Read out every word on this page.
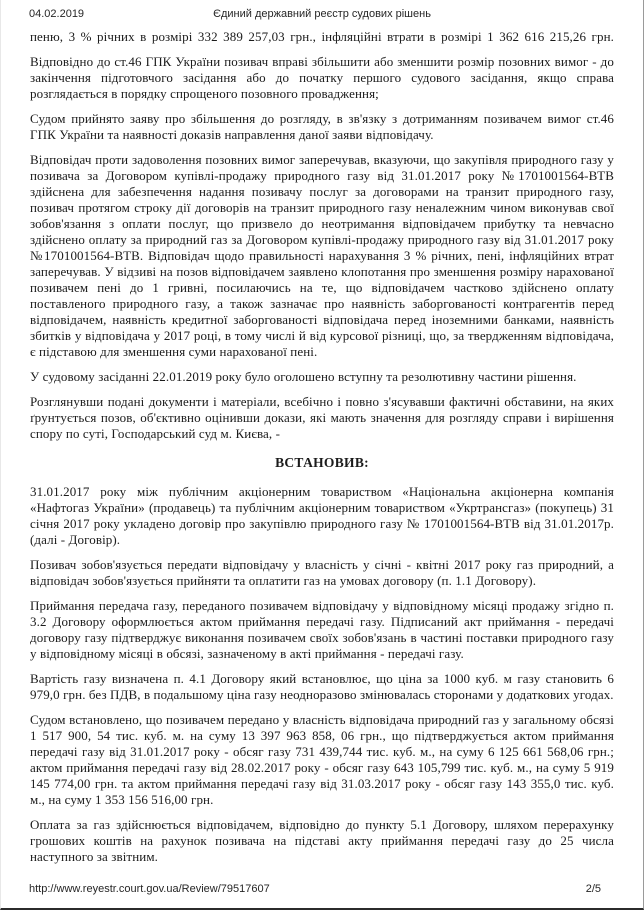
04.02.2019	Єдиний державний реєстр судових рішень

пеню, 3 % річних в розмірі 332 389 257,03 грн., інфляційні втрати в розмірі 1 362 616 215,26 грн.

Відповідно до ст.46 ГПК України позивач вправі збільшити або зменшити розмір позовних вимог - до закінчення підготовчого засідання або до початку першого судового засідання, якщо справа розглядається в порядку спрощеного позовного провадження;

Судом прийнято заяву про збільшення до розгляду, в зв'язку з дотриманням позивачем вимог ст.46 ГПК України та наявності доказів направлення даної заяви відповідачу.

Відповідач проти задоволення позовних вимог заперечував, вказуючи, що закупівля природного газу у позивача за Договором купівлі-продажу природного газу від 31.01.2017 року №1701001564-ВТВ здійснена для забезпечення надання позивачу послуг за договорами на транзит природного газу, позивач протягом строку дії договорів на транзит природного газу неналежним чином виконував свої зобов'язання з оплати послуг, що призвело до неотримання відповідачем прибутку та невчасно здійснено оплату за природний газ за Договором купівлі-продажу природного газу від 31.01.2017 року №1701001564-ВТВ. Відповідач щодо правильності нарахування 3 % річних, пені, інфляційних втрат заперечував. У відзиві на позов відповідачем заявлено клопотання про зменшення розміру нарахованої позивачем пені до 1 гривні, посилаючись на те, що відповідачем частково здійснено оплату поставленого природного газу, а також зазначає про наявність заборгованості контрагентів перед відповідачем, наявність кредитної заборгованості відповідача перед іноземними банками, наявність збитків у відповідача у 2017 році, в тому числі й від курсової різниці, що, за твердженням відповідача, є підставою для зменшення суми нарахованої пені.

У судовому засіданні 22.01.2019 року було оголошено вступну та резолютивну частини рішення.

Розглянувши подані документи і матеріали, всебічно і повно з'ясувавши фактичні обставини, на яких ґрунтується позов, об'єктивно оцінивши докази, які мають значення для розгляду справи і вирішення спору по суті, Господарський суд м. Києва, -

ВСТАНОВИВ:

31.01.2017 року між публічним акціонерним товариством «Національна акціонерна компанія «Нафтогаз України» (продавець) та публічним акціонерним товариством «Укртрансгаз» (покупець) 31 січня 2017 року укладено договір про закупівлю природного газу № 1701001564-ВТВ від 31.01.2017р. (далі - Договір).

Позивач зобов'язується передати відповідачу у власність у січні - квітні 2017 року газ природний, а відповідач зобов'язується прийняти та оплатити газ на умовах договору (п. 1.1 Договору).

Приймання передача газу, переданого позивачем відповідачу у відповідному місяці продажу згідно п. 3.2 Договору оформлюється актом приймання передачі газу. Підписаний акт приймання - передачі договору газу підтверджує виконання позивачем своїх зобов'язань в частині поставки природного газу у відповідному місяці в обсязі, зазначеному в акті приймання - передачі газу.

Вартість газу визначена п. 4.1 Договору який встановлює, що ціна за 1000 куб. м газу становить 6 979,0 грн. без ПДВ, в подальшому ціна газу неодноразово змінювалась сторонами у додаткових угодах.

Судом встановлено, що позивачем передано у власність відповідача природний газ у загальному обсязі 1 517 900, 54 тис. куб. м. на суму 13 397 963 858, 06 грн., що підтверджується актом приймання передачі газу від 31.01.2017 року - обсяг газу 731 439,744 тис. куб. м., на суму 6 125 661 568,06 грн.; актом приймання передачі газу від 28.02.2017 року - обсяг газу 643 105,799 тис. куб. м., на суму 5 919 145 774,00 грн. та актом приймання передачі газу від 31.03.2017 року - обсяг газу 143 355,0 тис. куб. м., на суму 1 353 156 516,00 грн.

Оплата за газ здійснюється відповідачем, відповідно до пункту 5.1 Договору, шляхом перерахунку грошових коштів на рахунок позивача на підставі акту приймання передачі газу до 25 числа наступного за звітним.

http://www.reyestr.court.gov.ua/Review/79517607	2/5
